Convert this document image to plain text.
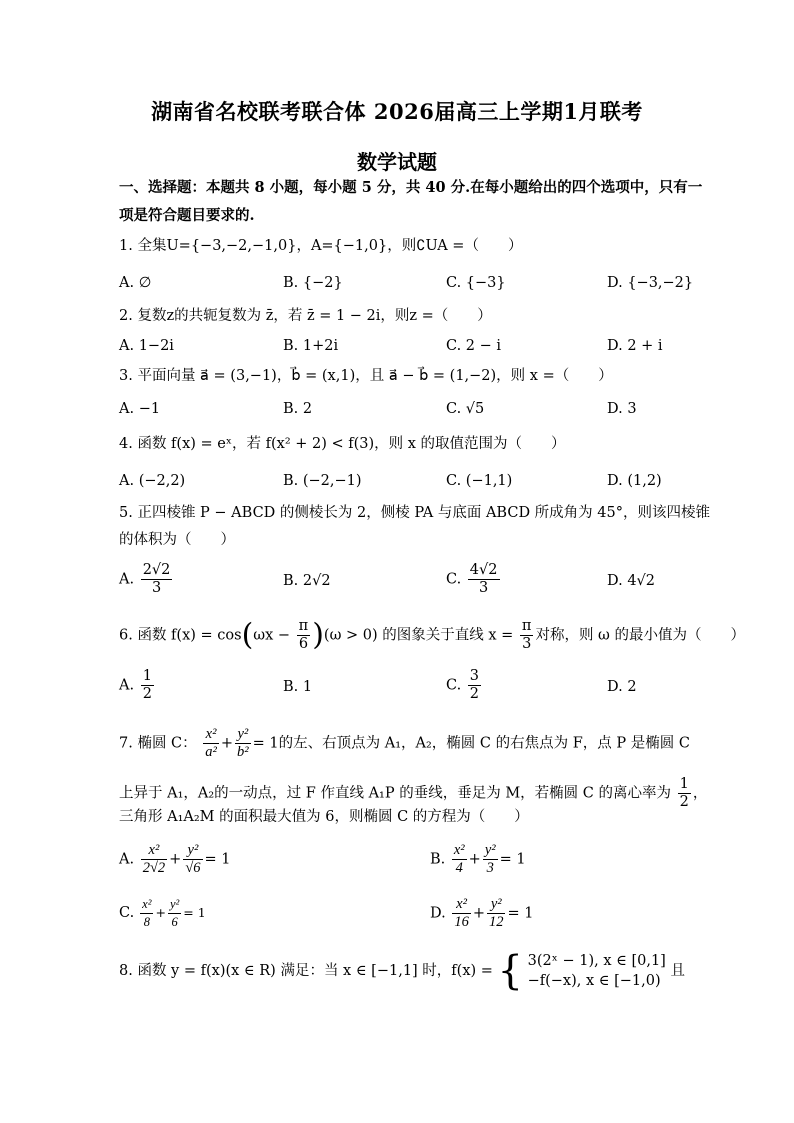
湖南省名校联考联合体 2026届高三上学期1月联考
数学试题
一、选择题：本题共 8 小题，每小题 5 分，共 40 分.在每小题给出的四个选项中，只有一
项是符合题目要求的.
1. 全集U={−3,−2,−1,0}，A={−1,0}，则∁UA =（　　）
A. ∅	B. {−2}	C. {−3}	D. {−3,−2}
2. 复数z的共轭复数为 z̄，若 z̄ = 1 − 2i，则z =（　　）
A. 1−2i	B. 1+2i	C. 2 − i	D. 2 + i
3. 平面向量 a⃗ = (3,−1)，b⃗ = (x,1)，且 a⃗ − b⃗ = (1,−2)，则 x =（　　）
A. −1	B. 2	C. √5	D. 3
4. 函数 f(x) = eˣ，若 f(x² + 2) < f(3)，则 x 的取值范围为（　　）
A. (−2,2)	B. (−2,−1)	C. (−1,1)	D. (1,2)
5. 正四棱锥 P − ABCD 的侧棱长为 2，侧棱 PA 与底面 ABCD 所成角为 45°，则该四棱锥
的体积为（　　）
A. $\frac{2√2}{3}$	B. 2√2	C. $\frac{4√2}{3}$	D. 4√2
6. 函数 $f(x) = \cos(\omega x - \frac{\pi}{6} )(\omega > 0)$ 的图象关于直线 $x = \frac{\pi}{3}$ 对称，则 ω 的最小值为（　　）
A. $\frac{1}{2}$	B. 1	C. $\frac{3}{2}$	D. 2
7. 椭圆 C： $\frac{\text{x²}}{\text{a²}} + \frac{\text{y²}}{\text{b²}} = 1$的左、右顶点为 A₁，A₂，椭圆 C 的右焦点为 F，点 P 是椭圆 C
上异于 A₁，A₂的一动点，过 F 作直线 A₁P 的垂线，垂足为 M，若椭圆 C 的离心率为 $\frac{1}{2}$ ，
三角形 A₁A₂M 的面积最大值为 6，则椭圆 C 的方程为（　　）
A. $\frac{\text{x²}}{2√2} + \frac{\text{y²}}{√6} = 1$	B. $\frac{\text{x²}}{4} + \frac{\text{y²}}{3} = 1$
C. $\frac{\text{x²}}{8} + \frac{\text{y²}}{6} = 1$	D. $\frac{\text{x²}}{16} + \frac{\text{y²}}{12} = 1$
8. 函数 y = f(x)(x ∈ R) 满足：当 x ∈ [−1,1] 时，f(x) = { 3(2ˣ − 1), x ∈ [0,1]
−f(−x), x ∈ [−1,0)
且
